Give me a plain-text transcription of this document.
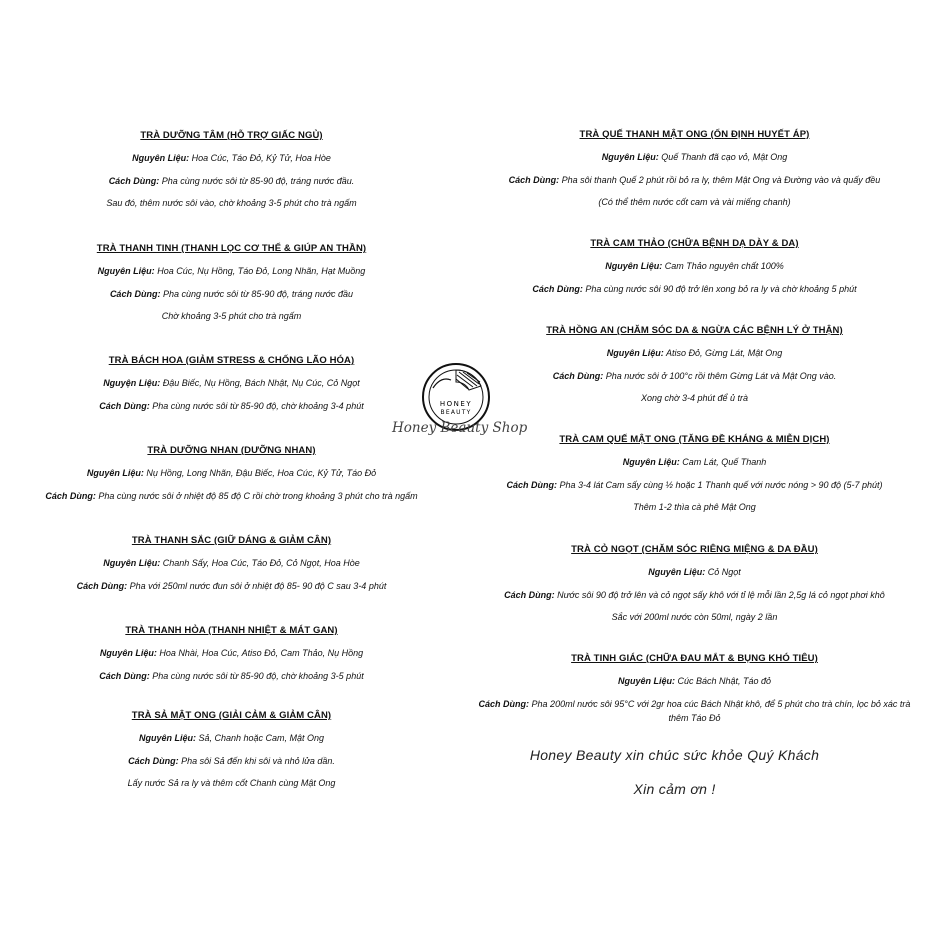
TRÀ DƯỠNG TÂM (HỖ TRỢ GIẤC NGỦ)

Nguyên Liệu: Hoa Cúc, Táo Đỏ, Kỷ Tử, Hoa Hòe

Cách Dùng: Pha cùng nước sôi từ 85-90 độ, tráng nước đầu.

Sau đó, thêm nước sôi vào, chờ khoảng 3-5 phút cho trà ngấm

TRÀ THANH TINH (THANH LỌC CƠ THỂ & GIÚP AN THẦN)

Nguyên Liệu: Hoa Cúc, Nụ Hồng, Táo Đỏ, Long Nhãn, Hạt Muồng

Cách Dùng: Pha cùng nước sôi từ 85-90 độ, tráng nước đầu

Chờ khoảng 3-5 phút cho trà ngấm

TRÀ BÁCH HOA (GIẢM STRESS & CHỐNG LÃO HÓA)

Nguyện Liệu: Đậu Biếc, Nụ Hồng, Bách Nhật, Nụ Cúc, Cỏ Ngọt

Cách Dùng: Pha cùng nước sôi từ 85-90 độ, chờ khoảng 3-4 phút

TRÀ DƯỠNG NHAN (DƯỠNG NHAN)

Nguyên Liệu: Nụ Hồng, Long Nhãn, Đậu Biếc, Hoa Cúc, Kỷ Tử, Táo Đỏ

Cách Dùng: Pha cùng nước sôi ở nhiệt độ 85 độ C rồi chờ trong khoảng 3 phút cho trà ngấm

TRÀ THANH SẮC (GIỮ DÁNG & GIẢM CÂN)

Nguyên Liệu: Chanh Sấy, Hoa Cúc, Táo Đỏ, Cỏ Ngọt, Hoa Hòe

Cách Dùng: Pha với 250ml nước đun sôi ở nhiệt độ 85- 90 độ C sau 3-4 phút

TRÀ THANH HỎA (THANH NHIỆT & MÁT GAN)

Nguyên Liệu: Hoa Nhài, Hoa Cúc, Atiso Đỏ, Cam Thảo, Nụ Hồng

Cách Dùng: Pha cùng nước sôi từ 85-90 độ, chờ khoảng 3-5 phút

TRÀ SẢ MẬT ONG (GIẢI CẢM & GIẢM CÂN)

Nguyên Liệu: Sả, Chanh hoặc Cam, Mật Ong

Cách Dùng: Pha sôi Sả đến khi sôi và nhỏ lửa dần.

Lấy nước Sả ra ly và thêm cốt Chanh cùng Mật Ong

TRÀ QUẾ THANH MẬT ONG (ỔN ĐỊNH HUYẾT ÁP)

Nguyên Liệu: Quế Thanh đã cạo vỏ, Mật Ong

Cách Dùng: Pha sôi thanh Quế 2 phút rồi bỏ ra ly, thêm Mật Ong và Đường vào và quấy đều

(Có thể thêm nước cốt cam và vài miếng chanh)

TRÀ CAM THẢO (CHỮA BỆNH DẠ DÀY & DA)

Nguyên Liệu: Cam Thảo nguyên chất 100%

Cách Dùng: Pha cùng nước sôi 90 độ trở lên xong bỏ ra ly và chờ khoảng 5 phút

TRÀ HỒNG AN (CHĂM SÓC DA & NGỪA CÁC BỆNH LÝ Ở THẬN)

Nguyên Liệu: Atiso Đỏ, Gừng Lát, Mật Ong

Cách Dùng: Pha nước sôi ở 100°c rồi thêm Gừng Lát và Mật Ong vào.

Xong chờ 3-4 phút để ủ trà

TRÀ CAM QUẾ MẬT ONG (TĂNG ĐỀ KHÁNG & MIỄN DỊCH)

Nguyên Liệu: Cam Lát, Quế Thanh

Cách Dùng: Pha 3-4 lát Cam sấy cùng ½ hoặc 1 Thanh quế với nước nóng > 90 độ (5-7 phút)

Thêm 1-2 thìa cà phê Mật Ong

TRÀ CỎ NGỌT (CHĂM SÓC RIÊNG MIỆNG & DA ĐẦU)

Nguyên Liệu: Cỏ Ngọt

Cách Dùng: Nước sôi 90 độ trở lên và cỏ ngọt sấy khô với tỉ lệ mỗi lần 2,5g lá cỏ ngọt phơi khô

Sắc với 200ml nước còn 50ml, ngày 2 lần

TRÀ TINH GIÁC (CHỮA ĐAU MẮT & BỤNG KHÓ TIÊU)

Nguyên Liệu: Cúc Bách Nhật, Táo đỏ

Cách Dùng: Pha 200ml nước sôi 95°C với 2gr hoa cúc Bách Nhật khô, để 5 phút cho trà chín, lọc bỏ xác trà

thêm Táo Đỏ

HONEY
BEAUTY
Honey Beauty Shop
Honey Beauty xin chúc sức khỏe Quý Khách
Xin cảm ơn !
